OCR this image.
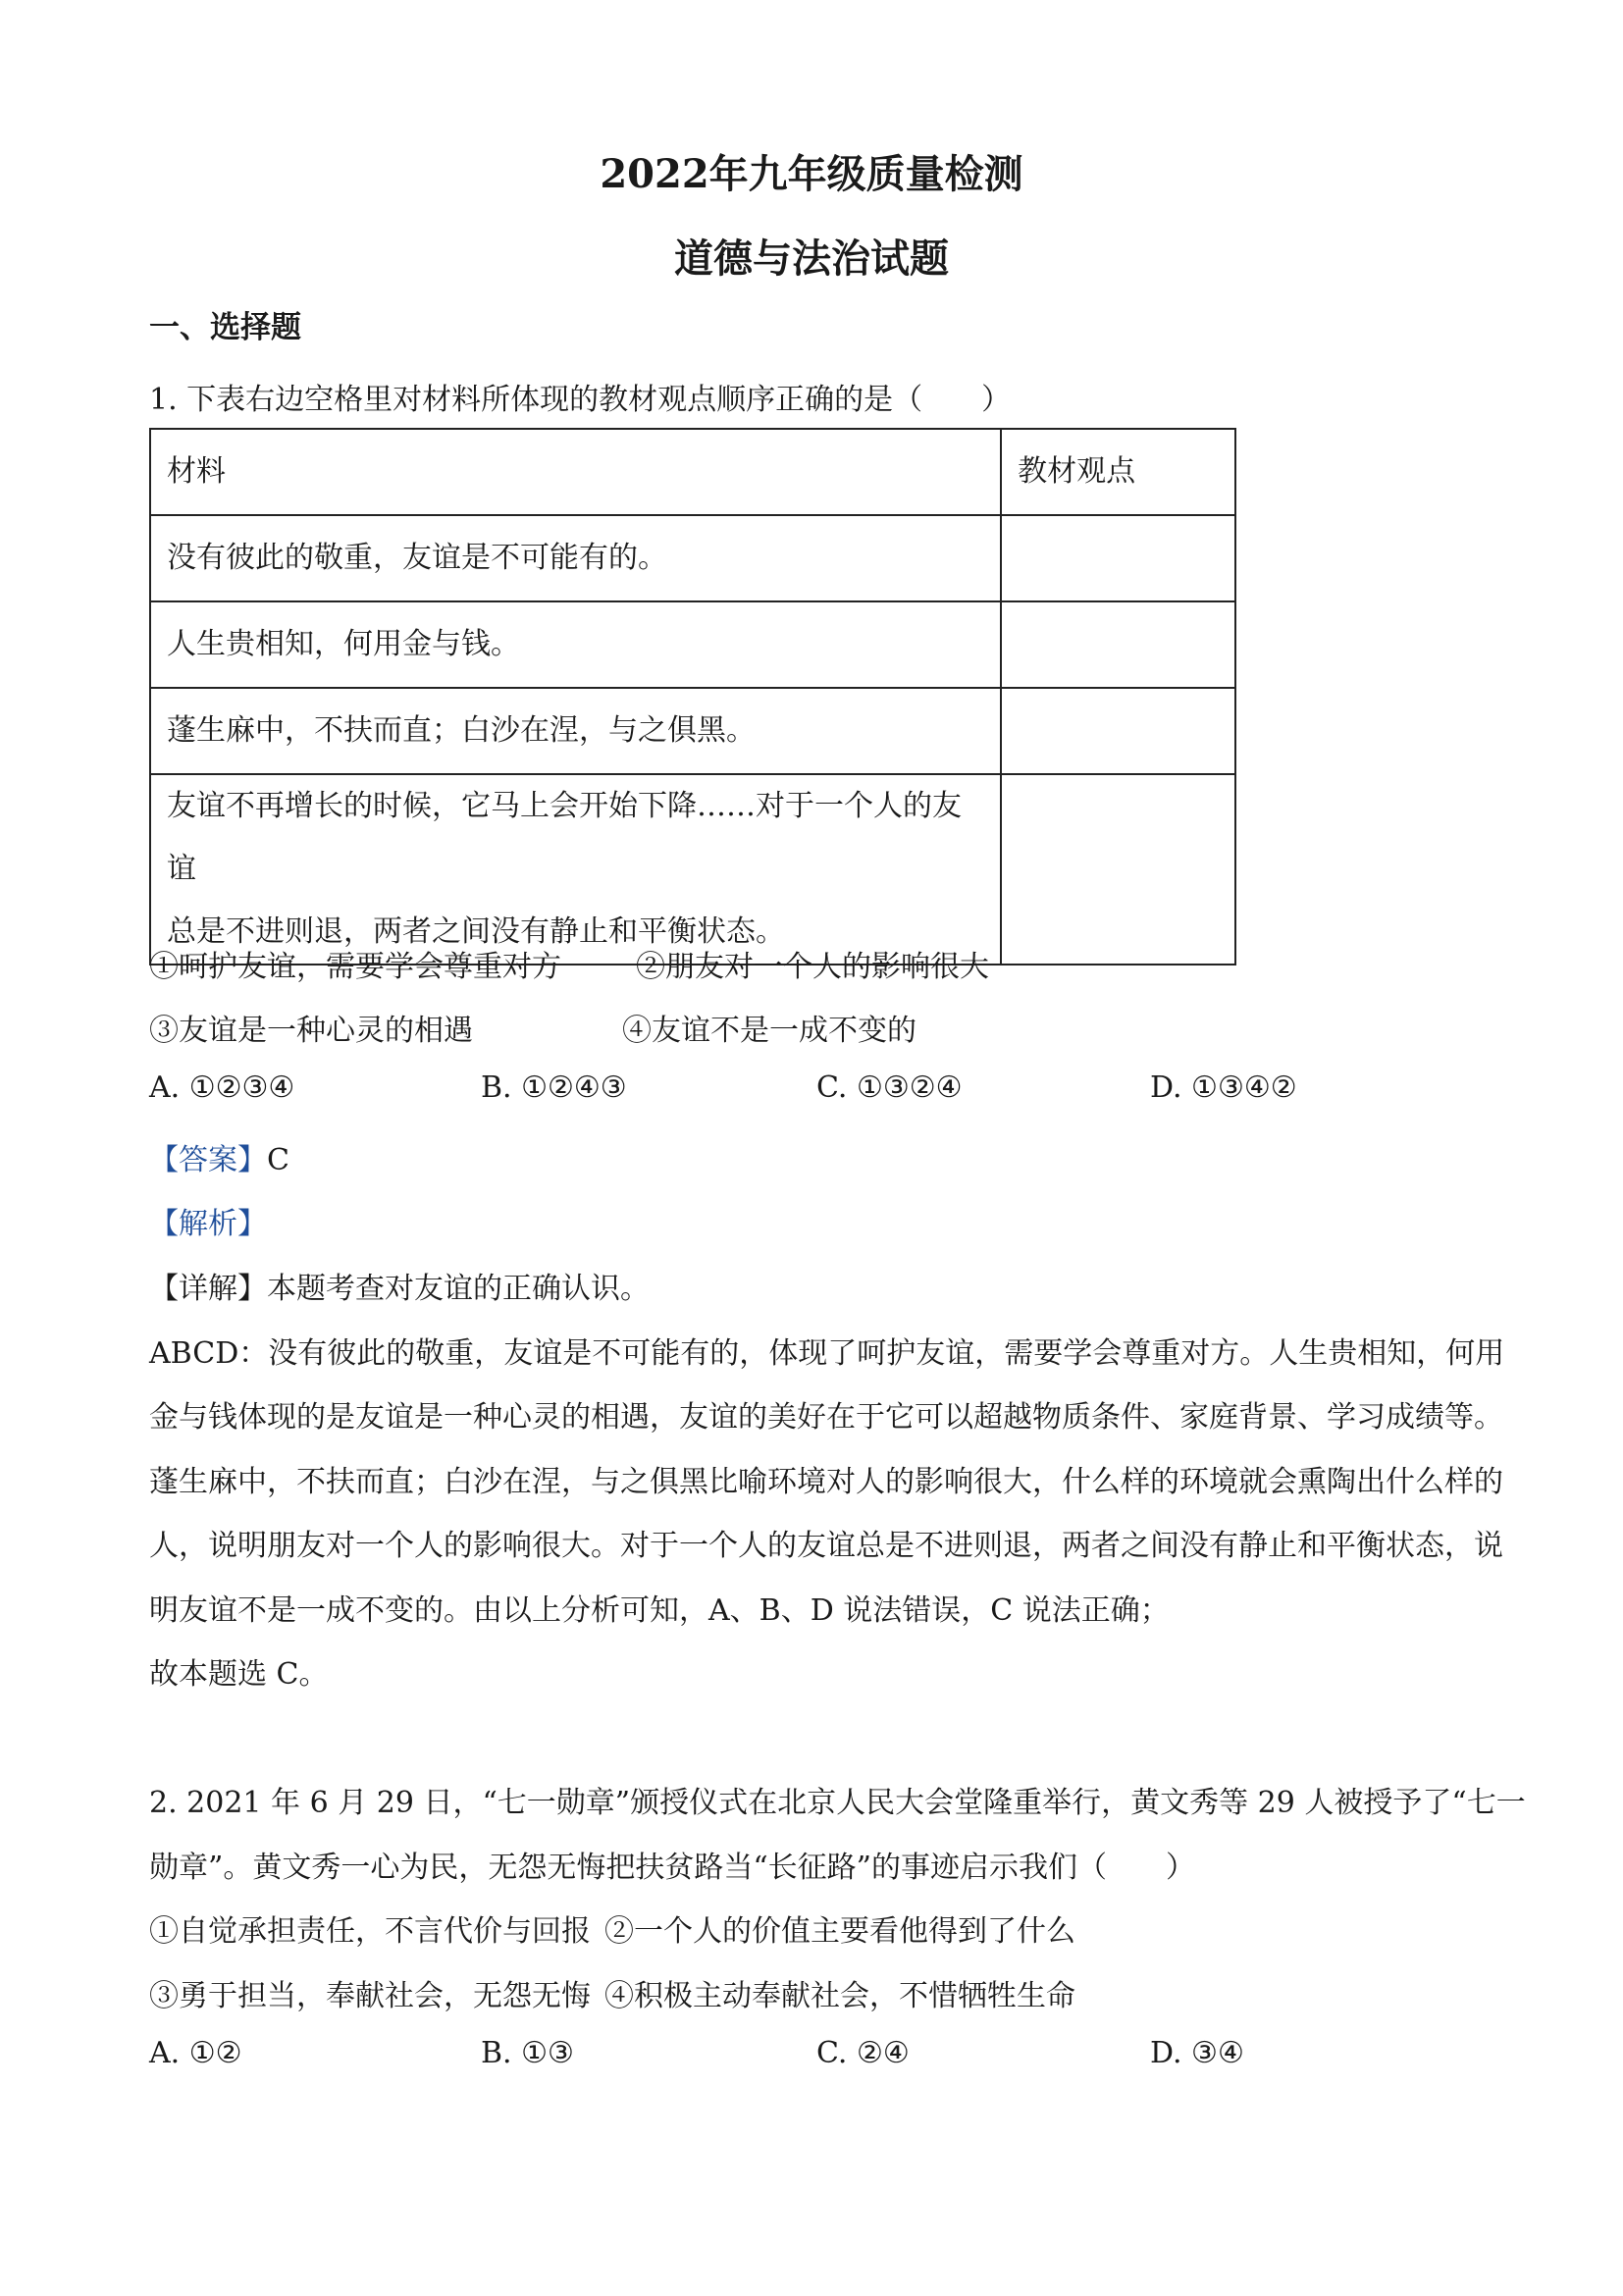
2022年九年级质量检测
道德与法治试题
一、选择题
1. 下表右边空格里对材料所体现的教材观点顺序正确的是（　　）
材料	教材观点
没有彼此的敬重，友谊是不可能有的。	
人生贵相知，何用金与钱。	
蓬生麻中，不扶而直；白沙在涅，与之俱黑。	

友谊不再增长的时候，它马上会开始下降……对于一个人的友谊
总是不进则退，两者之间没有静止和平衡状态。	

①呵护友谊，需要学会尊重对方	②朋友对一个人的影响很大
③友谊是一种心灵的相遇	④友谊不是一成不变的
A. ①②③④	B. ①②④③	C. ①③②④	D. ①③④②
【答案】C
【解析】
【详解】本题考查对友谊的正确认识。
ABCD：没有彼此的敬重，友谊是不可能有的，体现了呵护友谊，需要学会尊重对方。人生贵相知，何用
金与钱体现的是友谊是一种心灵的相遇，友谊的美好在于它可以超越物质条件、家庭背景、学习成绩等。
蓬生麻中，不扶而直；白沙在涅，与之俱黑比喻环境对人的影响很大，什么样的环境就会熏陶出什么样的
人，说明朋友对一个人的影响很大。对于一个人的友谊总是不进则退，两者之间没有静止和平衡状态，说
明友谊不是一成不变的。由以上分析可知，A、B、D 说法错误，C 说法正确；
故本题选 C。
2. 2021 年 6 月 29 日，“七一勋章”颁授仪式在北京人民大会堂隆重举行，黄文秀等 29 人被授予了“七一
勋章”。黄文秀一心为民，无怨无悔把扶贫路当“长征路”的事迹启示我们（　　）
①自觉承担责任，不言代价与回报 ②一个人的价值主要看他得到了什么
③勇于担当，奉献社会，无怨无悔 ④积极主动奉献社会，不惜牺牲生命
A. ①②	B. ①③	C. ②④	D. ③④
